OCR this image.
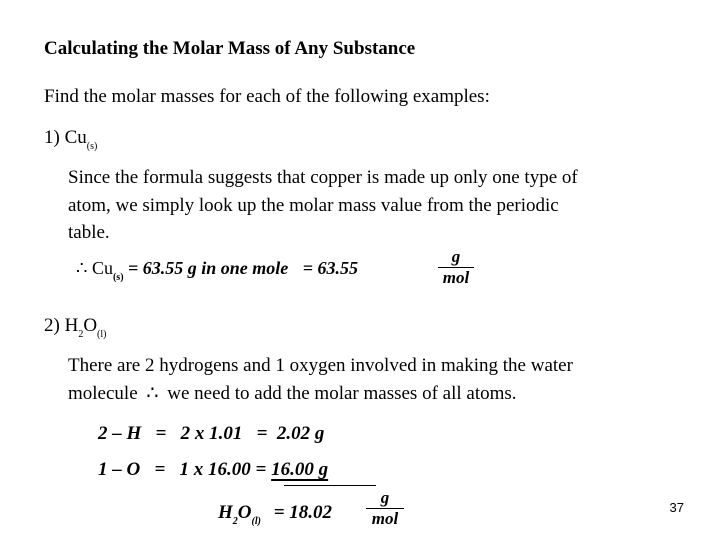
Calculating the Molar Mass of Any Substance
Find the molar masses for each of the following examples:
1) $Cu_{(s)}$
Since the formula suggests that copper is made up only one type of
atom, we simply look up the molar mass value from the periodic
table.
∴ $Cu_{(s)} = 63.55$ g in one mole = 63.55
g
mol
2) $H_2O_{(l)}$
There are 2 hydrogens and 1 oxygen involved in making the water
molecule ∴ we need to add the molar masses of all atoms.
2 – H   =   2 x 1.01   =  2.02 g
1 – O   =   1 x 16.00 = 16.00 g
$H_2O_{(l)} = 18.02$
g
mol
37
